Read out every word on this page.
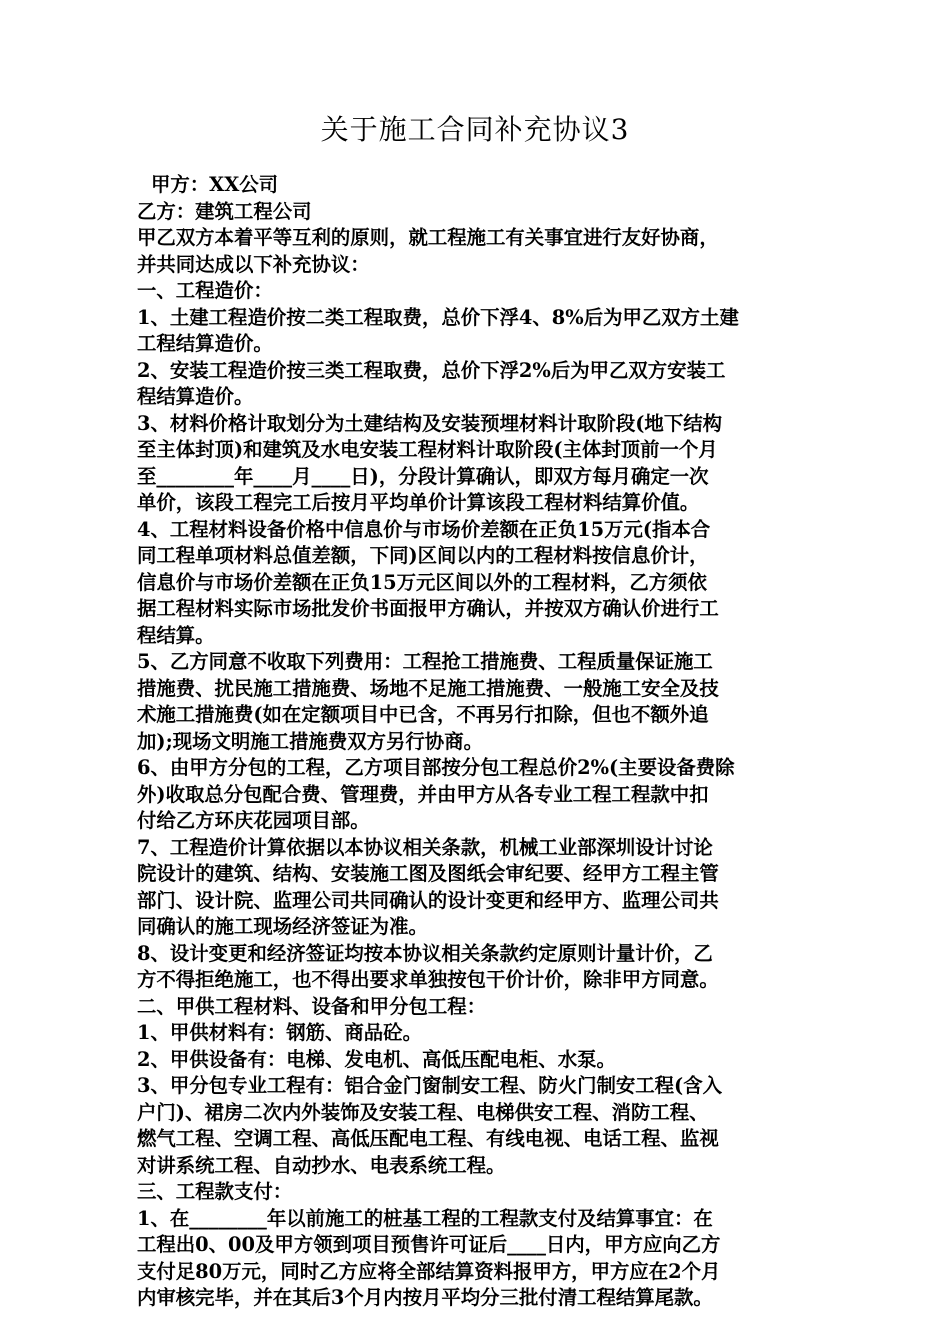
关于施工合同补充协议3
甲方：XX公司
乙方：建筑工程公司
甲乙双方本着平等互利的原则，就工程施工有关事宜进行友好协商，
并共同达成以下补充协议：
一、工程造价：
1、土建工程造价按二类工程取费，总价下浮4、8%后为甲乙双方土建
工程结算造价。
2、安装工程造价按三类工程取费，总价下浮2%后为甲乙双方安装工
程结算造价。
3、材料价格计取划分为土建结构及安装预埋材料计取阶段(地下结构
至主体封顶)和建筑及水电安装工程材料计取阶段(主体封顶前一个月
至________年____月____日)，分段计算确认，即双方每月确定一次
单价，该段工程完工后按月平均单价计算该段工程材料结算价值。
4、工程材料设备价格中信息价与市场价差额在正负15万元(指本合
同工程单项材料总值差额，下同)区间以内的工程材料按信息价计，
信息价与市场价差额在正负15万元区间以外的工程材料，乙方须依
据工程材料实际市场批发价书面报甲方确认，并按双方确认价进行工
程结算。
5、乙方同意不收取下列费用：工程抢工措施费、工程质量保证施工
措施费、扰民施工措施费、场地不足施工措施费、一般施工安全及技
术施工措施费(如在定额项目中已含，不再另行扣除，但也不额外追
加);现场文明施工措施费双方另行协商。
6、由甲方分包的工程，乙方项目部按分包工程总价2%(主要设备费除
外)收取总分包配合费、管理费，并由甲方从各专业工程工程款中扣
付给乙方环庆花园项目部。
7、工程造价计算依据以本协议相关条款，机械工业部深圳设计讨论
院设计的建筑、结构、安装施工图及图纸会审纪要、经甲方工程主管
部门、设计院、监理公司共同确认的设计变更和经甲方、监理公司共
同确认的施工现场经济签证为准。
8、设计变更和经济签证均按本协议相关条款约定原则计量计价，乙
方不得拒绝施工，也不得出要求单独按包干价计价，除非甲方同意。
二、甲供工程材料、设备和甲分包工程：
1、甲供材料有：钢筋、商品砼。
2、甲供设备有：电梯、发电机、高低压配电柜、水泵。
3、甲分包专业工程有：铝合金门窗制安工程、防火门制安工程(含入
户门)、裙房二次内外装饰及安装工程、电梯供安工程、消防工程、
燃气工程、空调工程、高低压配电工程、有线电视、电话工程、监视
对讲系统工程、自动抄水、电表系统工程。
三、工程款支付：
1、在________年以前施工的桩基工程的工程款支付及结算事宜：在
工程出0、00及甲方领到项目预售许可证后____日内，甲方应向乙方
支付足80万元，同时乙方应将全部结算资料报甲方，甲方应在2个月
内审核完毕，并在其后3个月内按月平均分三批付清工程结算尾款。
